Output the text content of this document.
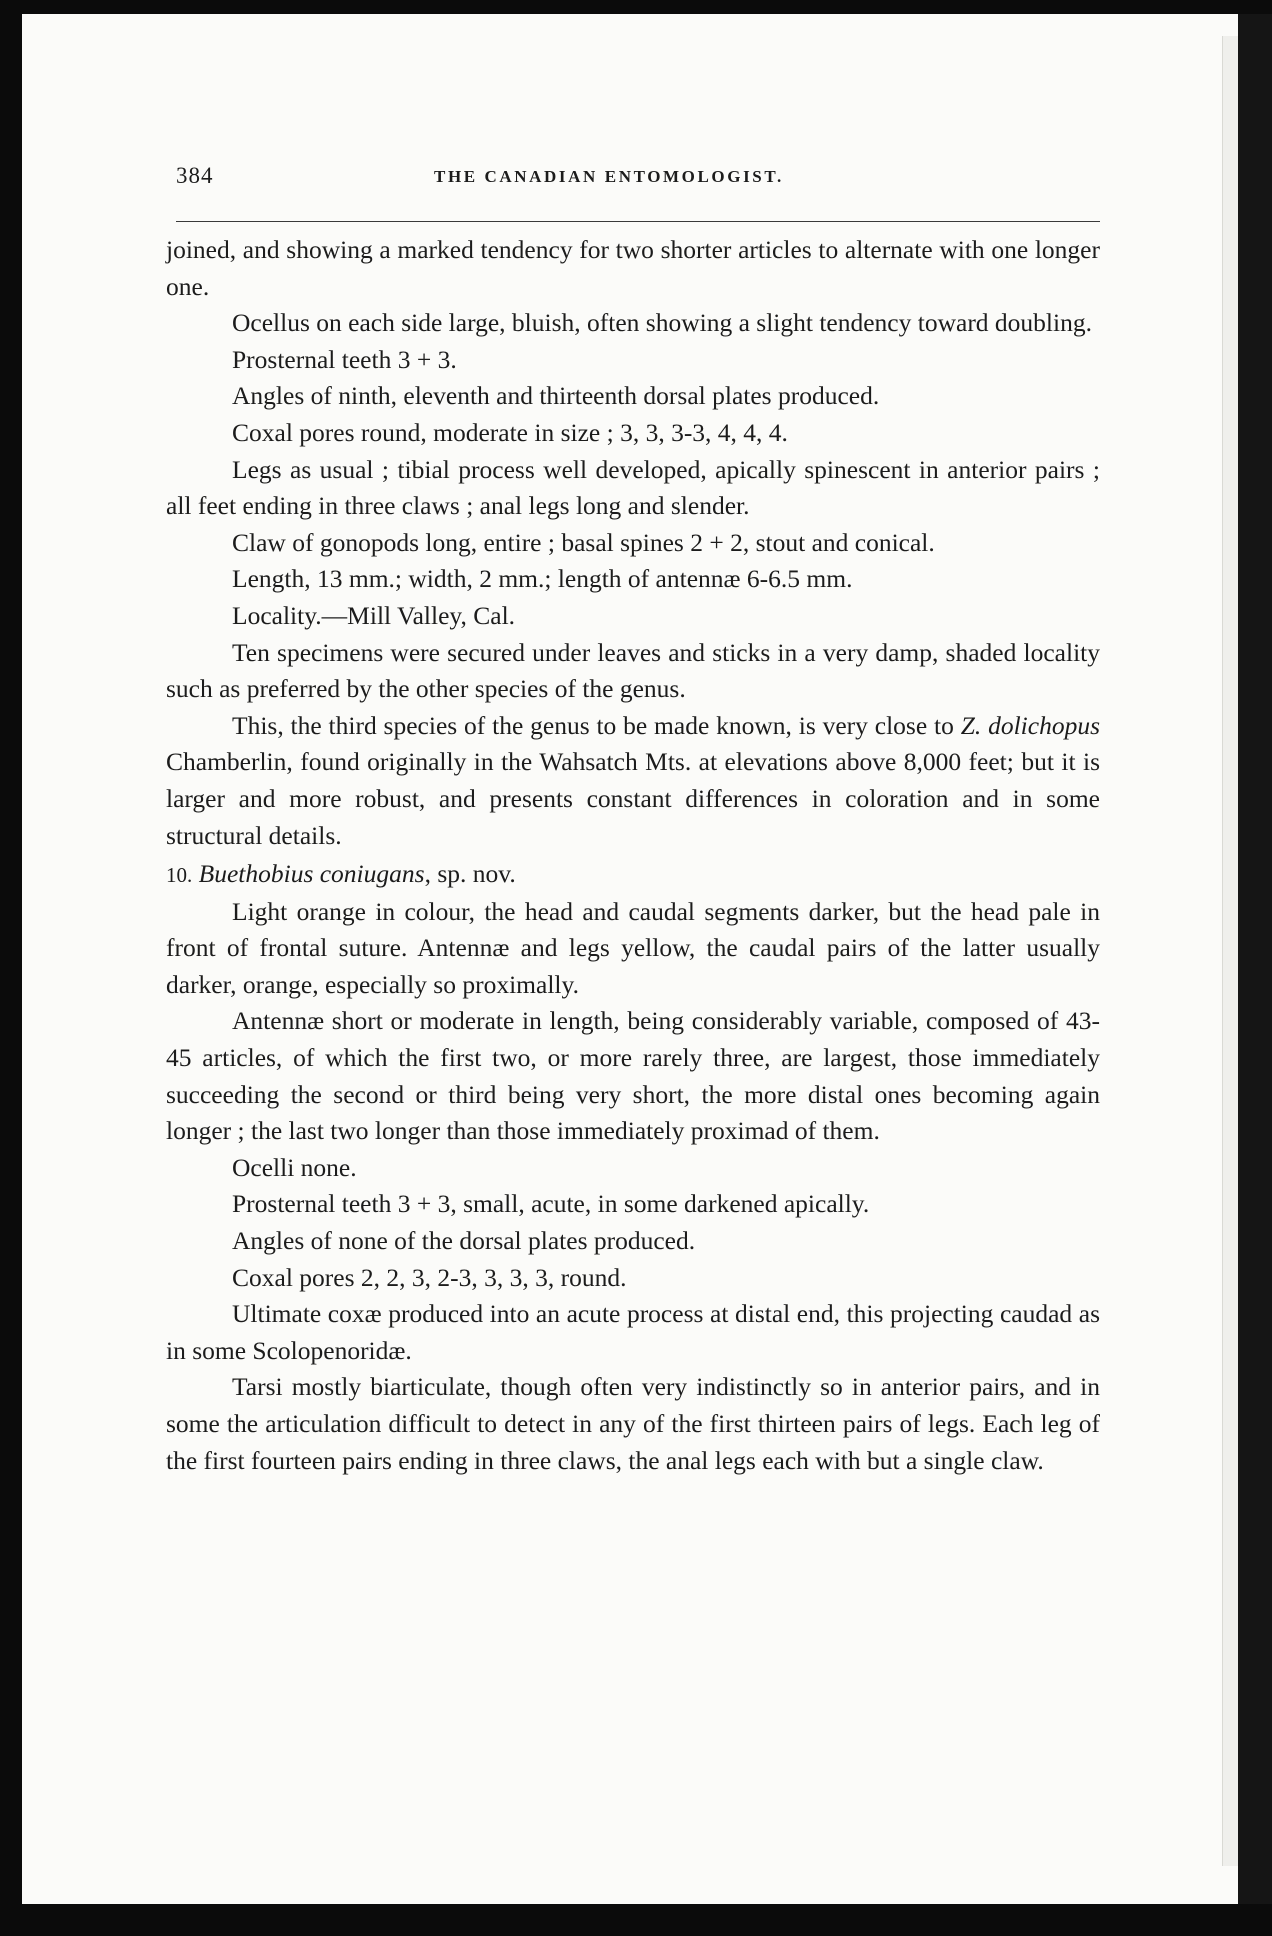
384	THE CANADIAN ENTOMOLOGIST.

joined, and showing a marked tendency for two shorter articles to alternate with one longer one.

Ocellus on each side large, bluish, often showing a slight tendency toward doubling.

Prosternal teeth 3 + 3.

Angles of ninth, eleventh and thirteenth dorsal plates produced.

Coxal pores round, moderate in size ; 3, 3, 3-3, 4, 4, 4.

Legs as usual ; tibial process well developed, apically spinescent in anterior pairs ; all feet ending in three claws ; anal legs long and slender.

Claw of gonopods long, entire ; basal spines 2 + 2, stout and conical.

Length, 13 mm.; width, 2 mm.; length of antennæ 6-6.5 mm.

Locality.—Mill Valley, Cal.

Ten specimens were secured under leaves and sticks in a very damp, shaded locality such as preferred by the other species of the genus.

This, the third species of the genus to be made known, is very close to Z. dolichopus Chamberlin, found originally in the Wahsatch Mts. at elevations above 8,000 feet; but it is larger and more robust, and presents constant differences in coloration and in some structural details.

10. Buethobius coniugans, sp. nov.

Light orange in colour, the head and caudal segments darker, but the head pale in front of frontal suture. Antennæ and legs yellow, the caudal pairs of the latter usually darker, orange, especially so proximally.

Antennæ short or moderate in length, being considerably variable, composed of 43-45 articles, of which the first two, or more rarely three, are largest, those immediately succeeding the second or third being very short, the more distal ones becoming again longer ; the last two longer than those immediately proximad of them.

Ocelli none.

Prosternal teeth 3 + 3, small, acute, in some darkened apically.

Angles of none of the dorsal plates produced.

Coxal pores 2, 2, 3, 2-3, 3, 3, 3, round.

Ultimate coxæ produced into an acute process at distal end, this projecting caudad as in some Scolopenoridæ.

Tarsi mostly biarticulate, though often very indistinctly so in anterior pairs, and in some the articulation difficult to detect in any of the first thirteen pairs of legs. Each leg of the first fourteen pairs ending in three claws, the anal legs each with but a single claw.
